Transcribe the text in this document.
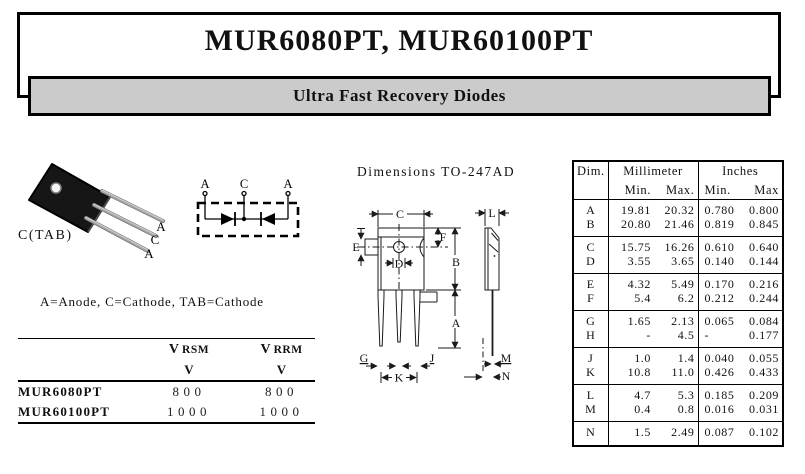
MUR6080PT, MUR60100PT
Ultra Fast Recovery Diodes
A
C
A
C(TAB)
A C	A
A=Anode, C=Cathode, TAB=Cathode
	V RSM	V RRM
	V	V
MUR6080PT	800	800
MUR60100PT	1000	1000
Dimensions TO-247AD
C
E
F
B
D
A
G
K
J
L
M
N
Dim.	Millimeter		Inches	
	Min.	Max.	Min.	Max
A	19.81	20.32	0.780	0.800
B	20.80	21.46	0.819	0.845
C	15.75	16.26	0.610	0.640
D	3.55	3.65	0.140	0.144
E	4.32	5.49	0.170	0.216
F	5.4	6.2	0.212	0.244
G	1.65	2.13	0.065	0.084
H	-	4.5	-	0.177
J	1.0	1.4	0.040	0.055
K	10.8	11.0	0.426	0.433
L	4.7	5.3	0.185	0.209
M	0.4	0.8	0.016	0.031
N	1.5	2.49	0.087	0.102
